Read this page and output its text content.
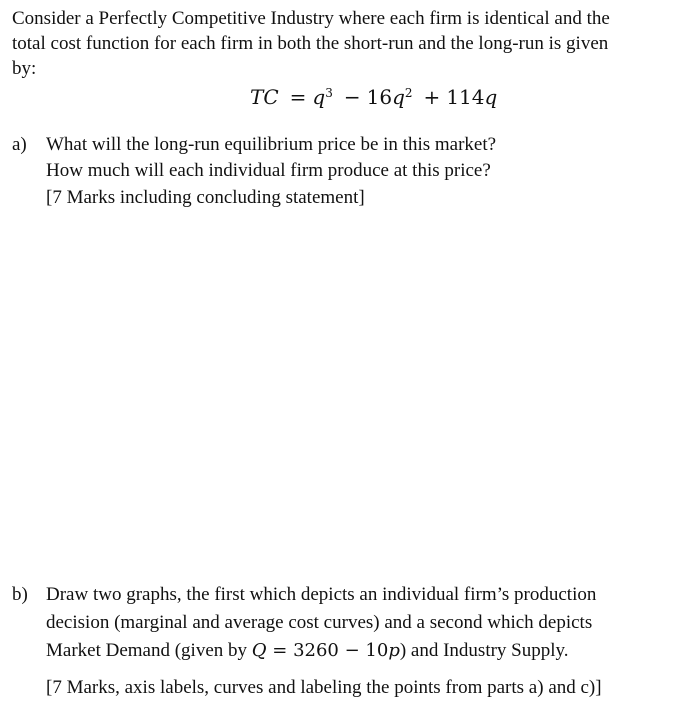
Consider a Perfectly Competitive Industry where each firm is identical and the
total cost function for each firm in both the short-run and the long-run is given
by:
TC = $q^3 - 16q^2 + 114q$
a) What will the long-run equilibrium price be in this market?
How much will each individual firm produce at this price?
[7 Marks including concluding statement]
b) Draw two graphs, the first which depicts an individual firm’s production
decision (marginal and average cost curves) and a second which depicts
Market Demand (given by Q = 3260 − 10p) and Industry Supply.
[7 Marks, axis labels, curves and labeling the points from parts a) and c)]
